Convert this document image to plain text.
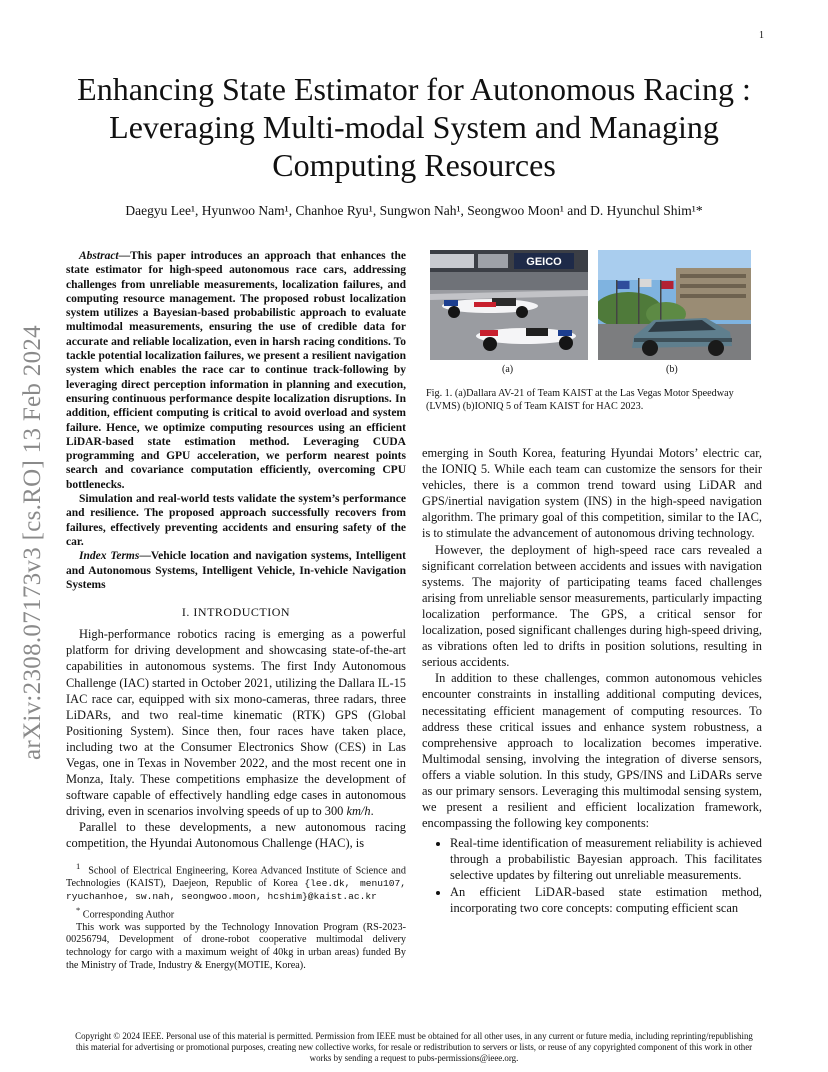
1
arXiv:2308.07173v3 [cs.RO] 13 Feb 2024
Enhancing State Estimator for Autonomous Racing : Leveraging Multi-modal System and Managing Computing Resources
Daegyu Lee¹, Hyunwoo Nam¹, Chanhoe Ryu¹, Sungwon Nah¹, Seongwoo Moon¹ and D. Hyunchul Shim¹*

Abstract—This paper introduces an approach that enhances the state estimator for high-speed autonomous race cars, addressing challenges from unreliable measurements, localization failures, and computing resource management. The proposed robust localization system utilizes a Bayesian-based probabilistic approach to evaluate multimodal measurements, ensuring the use of credible data for accurate and reliable localization, even in harsh racing conditions. To tackle potential localization failures, we present a resilient navigation system which enables the race car to continue track-following by leveraging direct perception information in planning and execution, ensuring continuous performance despite localization disruptions. In addition, efficient computing is critical to avoid overload and system failure. Hence, we optimize computing resources using an efficient LiDAR-based state estimation method. Leveraging CUDA programming and GPU acceleration, we perform nearest points search and covariance computation efficiently, overcoming CPU bottlenecks.

Simulation and real-world tests validate the system’s performance and resilience. The proposed approach successfully recovers from failures, effectively preventing accidents and ensuring safety of the car.

Index Terms—Vehicle location and navigation systems, Intelligent and Autonomous Systems, Intelligent Vehicle, In-vehicle Navigation Systems

I. INTRODUCTION

High-performance robotics racing is emerging as a powerful platform for driving development and showcasing state-of-the-art capabilities in autonomous systems. The first Indy Autonomous Challenge (IAC) started in October 2021, utilizing the Dallara IL-15 IAC race car, equipped with six mono-cameras, three radars, three LiDARs, and two real-time kinematic (RTK) GPS (Global Positioning System). Since then, four races have taken place, including two at the Consumer Electronics Show (CES) in Las Vegas, one in Texas in November 2022, and the most recent one in Monza, Italy. These competitions emphasize the development of software capable of effectively handling edge cases in autonomous driving, even in scenarios involving speeds of up to 300 km/h.

Parallel to these developments, a new autonomous racing competition, the Hyundai Autonomous Challenge (HAC), is

$^1$ School of Electrical Engineering, Korea Advanced Institute of Science and Technologies (KAIST), Daejeon, Republic of Korea {lee.dk, menu107, ryuchanhoe, sw.nah, seongwoo.moon, hcshim}@kaist.ac.kr
* Corresponding Author
This work was supported by the Technology Innovation Program (RS-2023-00256794, Development of drone-robot cooperative multimodal delivery technology for cargo with a maximum weight of 40kg in urban areas) funded By the Ministry of Trade, Industry & Energy(MOTIE, Korea).
GEICO
(a)	(b)
Fig. 1. (a)Dallara AV-21 of Team KAIST at the Las Vegas Motor Speedway (LVMS) (b)IONIQ 5 of Team KAIST for HAC 2023.

emerging in South Korea, featuring Hyundai Motors’ electric car, the IONIQ 5. While each team can customize the sensors for their vehicles, there is a common trend toward using LiDAR and GPS/inertial navigation system (INS) in the high-speed navigation algorithm. The primary goal of this competition, similar to the IAC, is to stimulate the advancement of autonomous driving technology.

However, the deployment of high-speed race cars revealed a significant correlation between accidents and issues with navigation systems. The majority of participating teams faced challenges arising from unreliable sensor measurements, particularly impacting localization performance. The GPS, a critical sensor for localization, posed significant challenges during high-speed driving, as vibrations often led to drifts in position solutions, resulting in serious accidents.

In addition to these challenges, common autonomous vehicles encounter constraints in installing additional computing devices, necessitating efficient management of computing resources. To address these critical issues and enhance system robustness, a comprehensive approach to localization becomes imperative. Multimodal sensing, involving the integration of diverse sensors, offers a viable solution. In this study, GPS/INS and LiDARs serve as our primary sensors. Leveraging this multimodal sensing system, we present a resilient and efficient localization framework, encompassing the following key components:

• Real-time identification of measurement reliability is achieved through a probabilistic Bayesian approach. This facilitates selective updates by filtering out unreliable measurements.
• An efficient LiDAR-based state estimation method, incorporating two core concepts: computing efficient scan
Copyright © 2024 IEEE. Personal use of this material is permitted. Permission from IEEE must be obtained for all other uses, in any current or future media, including reprinting/republishing this material for advertising or promotional purposes, creating new collective works, for resale or redistribution to servers or lists, or reuse of any copyrighted component of this work in other works by sending a request to pubs-permissions@ieee.org.
